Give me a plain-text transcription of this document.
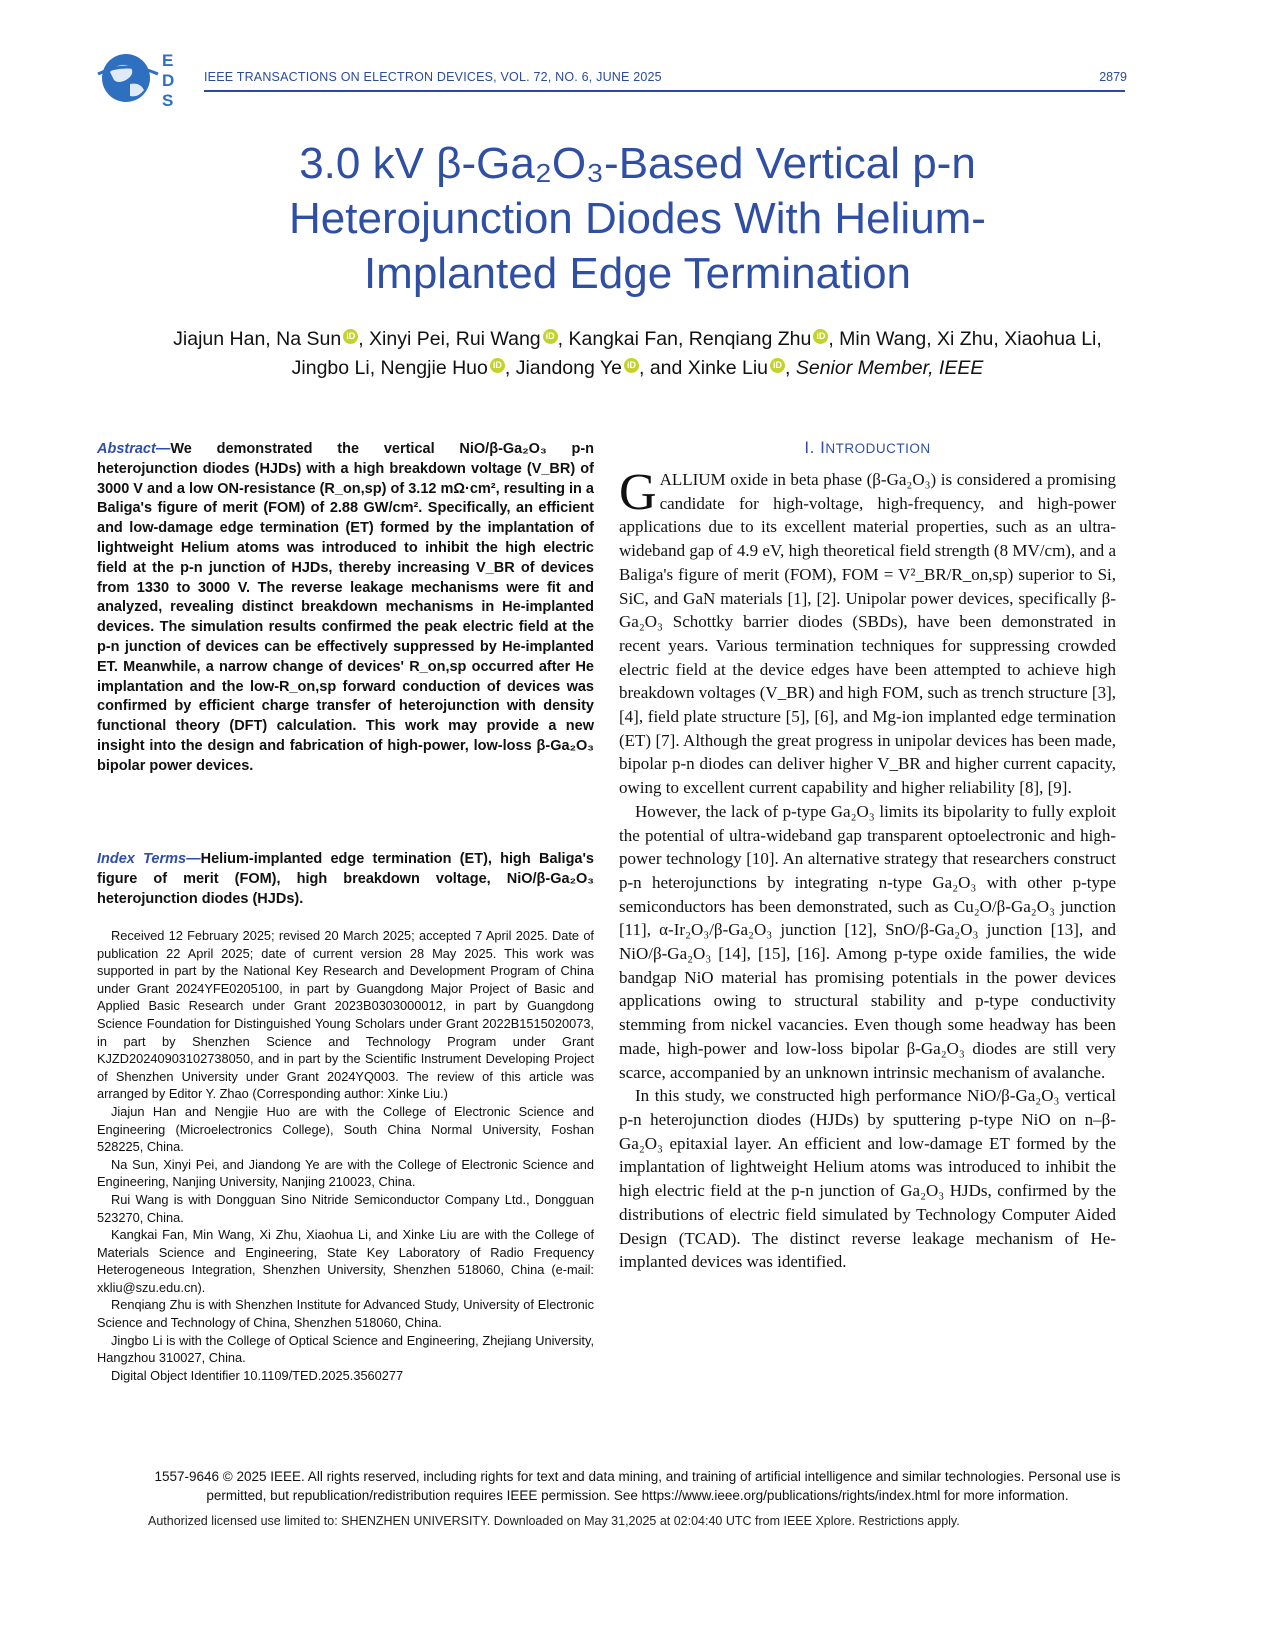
E
D
S
IEEE TRANSACTIONS ON ELECTRON DEVICES, VOL. 72, NO. 6, JUNE 2025	2879
3.0 kV β-Ga₂O₃-Based Vertical p-n
Heterojunction Diodes With Helium-
Implanted Edge Termination
Jiajun Han, Na Sun iD , Xinyi Pei, Rui Wang iD , Kangkai Fan, Renqiang Zhu iD , Min Wang, Xi Zhu, Xiaohua Li,
Jingbo Li, Nengjie Huo iD , Jiandong Ye iD , and Xinke Liu iD , Senior Member, IEEE

Abstract—We demonstrated the vertical NiO/β-Ga₂O₃ p-n heterojunction diodes (HJDs) with a high breakdown voltage (V_BR) of 3000 V and a low ON-resistance (R_on,sp) of 3.12 mΩ·cm², resulting in a Baliga's figure of merit (FOM) of 2.88 GW/cm². Specifically, an efficient and low-damage edge termination (ET) formed by the implantation of lightweight Helium atoms was introduced to inhibit the high electric field at the p-n junction of HJDs, thereby increasing V_BR of devices from 1330 to 3000 V. The reverse leakage mechanisms were fit and analyzed, revealing distinct breakdown mechanisms in He-implanted devices. The simulation results confirmed the peak electric field at the p-n junction of devices can be effectively suppressed by He-implanted ET. Meanwhile, a narrow change of devices' R_on,sp occurred after He implantation and the low-R_on,sp forward conduction of devices was confirmed by efficient charge transfer of heterojunction with density functional theory (DFT) calculation. This work may provide a new insight into the design and fabrication of high-power, low-loss β-Ga₂O₃ bipolar power devices.

Index Terms—Helium-implanted edge termination (ET), high Baliga's figure of merit (FOM), high breakdown voltage, NiO/β-Ga₂O₃ heterojunction diodes (HJDs).

Received 12 February 2025; revised 20 March 2025; accepted 7 April 2025. Date of publication 22 April 2025; date of current version 28 May 2025. This work was supported in part by the National Key Research and Development Program of China under Grant 2024YFE0205100, in part by Guangdong Major Project of Basic and Applied Basic Research under Grant 2023B0303000012, in part by Guangdong Science Foundation for Distinguished Young Scholars under Grant 2022B1515020073, in part by Shenzhen Science and Technology Program under Grant KJZD20240903102738050, and in part by the Scientific Instrument Developing Project of Shenzhen University under Grant 2024YQ003. The review of this article was arranged by Editor Y. Zhao (Corresponding author: Xinke Liu.)

Jiajun Han and Nengjie Huo are with the College of Electronic Science and Engineering (Microelectronics College), South China Normal University, Foshan 528225, China.

Na Sun, Xinyi Pei, and Jiandong Ye are with the College of Electronic Science and Engineering, Nanjing University, Nanjing 210023, China.

Rui Wang is with Dongguan Sino Nitride Semiconductor Company Ltd., Dongguan 523270, China.

Kangkai Fan, Min Wang, Xi Zhu, Xiaohua Li, and Xinke Liu are with the College of Materials Science and Engineering, State Key Laboratory of Radio Frequency Heterogeneous Integration, Shenzhen University, Shenzhen 518060, China (e-mail: xkliu@szu.edu.cn).

Renqiang Zhu is with Shenzhen Institute for Advanced Study, University of Electronic Science and Technology of China, Shenzhen 518060, China.

Jingbo Li is with the College of Optical Science and Engineering, Zhejiang University, Hangzhou 310027, China.

Digital Object Identifier 10.1109/TED.2025.3560277

I. INTRODUCTION

GALLIUM oxide in beta phase (β-Ga₂O₃) is considered a promising candidate for high-voltage, high-frequency, and high-power applications due to its excellent material properties, such as an ultra-wideband gap of 4.9 eV, high theoretical field strength (8 MV/cm), and a Baliga's figure of merit (FOM), FOM = V²_BR/R_on,sp) superior to Si, SiC, and GaN materials [1], [2]. Unipolar power devices, specifically β-Ga₂O₃ Schottky barrier diodes (SBDs), have been demonstrated in recent years. Various termination techniques for suppressing crowded electric field at the device edges have been attempted to achieve high breakdown voltages (V_BR) and high FOM, such as trench structure [3], [4], field plate structure [5], [6], and Mg-ion implanted edge termination (ET) [7]. Although the great progress in unipolar devices has been made, bipolar p-n diodes can deliver higher V_BR and higher current capacity, owing to excellent current capability and higher reliability [8], [9].

However, the lack of p-type Ga₂O₃ limits its bipolarity to fully exploit the potential of ultra-wideband gap transparent optoelectronic and high-power technology [10]. An alternative strategy that researchers construct p-n heterojunctions by integrating n-type Ga₂O₃ with other p-type semiconductors has been demonstrated, such as Cu₂O/β-Ga₂O₃ junction [11], α-Ir₂O₃/β-Ga₂O₃ junction [12], SnO/β-Ga₂O₃ junction [13], and NiO/β-Ga₂O₃ [14], [15], [16]. Among p-type oxide families, the wide bandgap NiO material has promising potentials in the power devices applications owing to structural stability and p-type conductivity stemming from nickel vacancies. Even though some headway has been made, high-power and low-loss bipolar β-Ga₂O₃ diodes are still very scarce, accompanied by an unknown intrinsic mechanism of avalanche.

In this study, we constructed high performance NiO/β-Ga₂O₃ vertical p-n heterojunction diodes (HJDs) by sputtering p-type NiO on n–β-Ga₂O₃ epitaxial layer. An efficient and low-damage ET formed by the implantation of lightweight Helium atoms was introduced to inhibit the high electric field at the p-n junction of Ga₂O₃ HJDs, confirmed by the distributions of electric field simulated by Technology Computer Aided Design (TCAD). The distinct reverse leakage mechanism of He-implanted devices was identified.

1557-9646 © 2025 IEEE. All rights reserved, including rights for text and data mining, and training of artificial intelligence and similar technologies. Personal use is permitted, but republication/redistribution requires IEEE permission. See https://www.ieee.org/publications/rights/index.html for more information.
Authorized licensed use limited to: SHENZHEN UNIVERSITY. Downloaded on May 31,2025 at 02:04:40 UTC from IEEE Xplore. Restrictions apply.
